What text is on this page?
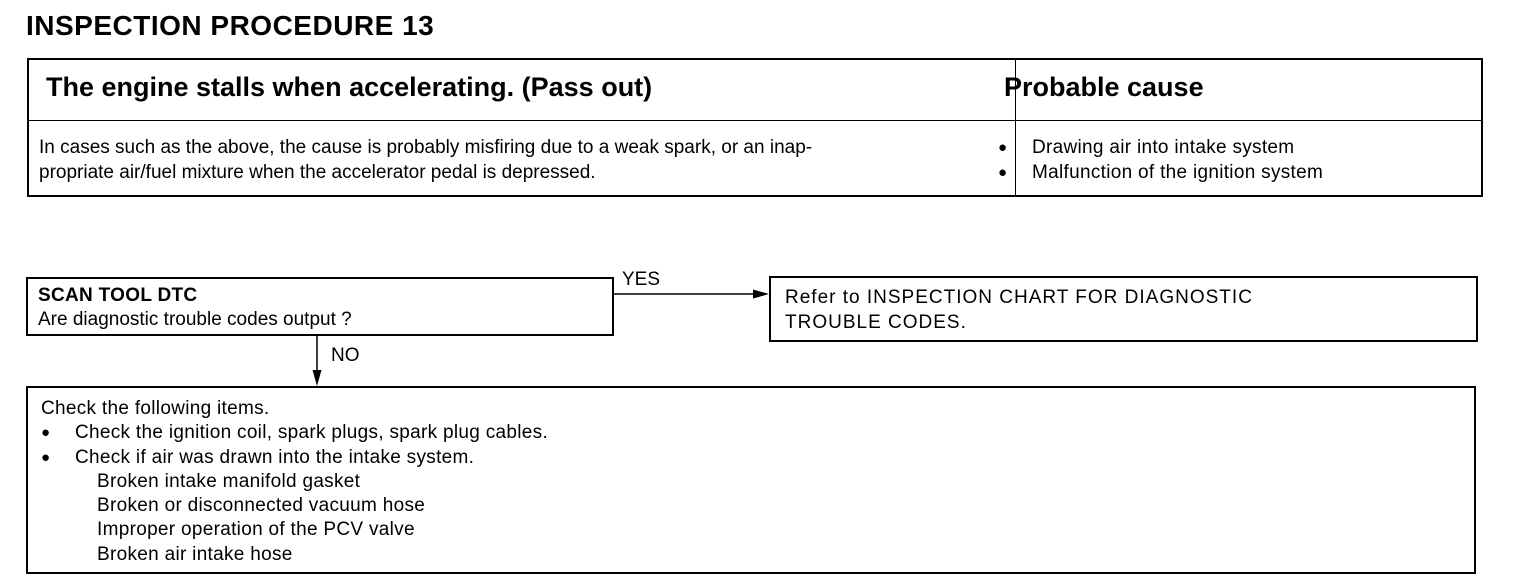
INSPECTION PROCEDURE 13
The engine stalls when accelerating. (Pass out)	Probable cause
In cases such as the above, the cause is probably misfiring due to a weak spark, or an inap-
propriate air/fuel mixture when the accelerator pedal is depressed.
●	Drawing air into intake system
●	Malfunction of the ignition system
YES
NO
SCAN TOOL DTC
Are diagnostic trouble codes output ?
Refer to INSPECTION CHART FOR DIAGNOSTIC
TROUBLE CODES.
Check the following items.
●	Check the ignition coil, spark plugs, spark plug cables.
●	Check if air was drawn into the intake system.
Broken intake manifold gasket
Broken or disconnected vacuum hose
Improper operation of the PCV valve
Broken air intake hose
